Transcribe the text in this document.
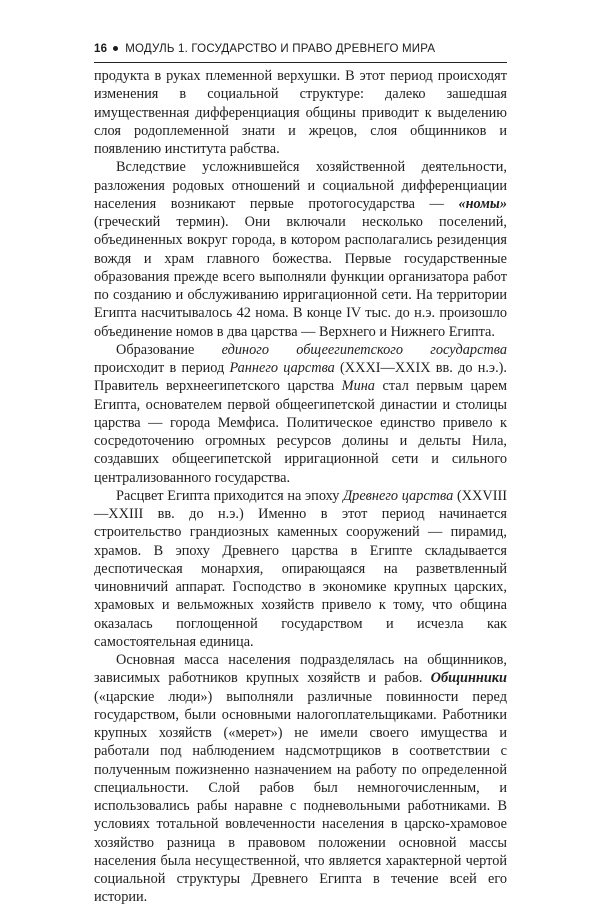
16 МОДУЛЬ 1. ГОСУДАРСТВО И ПРАВО ДРЕВНЕГО МИРА

продукта в руках племенной верхушки. В этот период происходят изменения в социальной структуре: далеко зашедшая имущественная дифференциация общины приводит к выделению слоя родоплеменной знати и жрецов, слоя общинников и появлению института рабства.

Вследствие усложнившейся хозяйственной деятельности, разложения родовых отношений и социальной дифференциации населения возникают первые протогосударства — «номы» (греческий термин). Они включали несколько поселений, объединенных вокруг города, в котором располагались резиденция вождя и храм главного божества. Первые государственные образования прежде всего выполняли функции организатора работ по созданию и обслуживанию ирригационной сети. На территории Египта насчитывалось 42 нома. В конце IV тыс. до н.э. произошло объединение номов в два царства — Верхнего и Нижнего Египта.

Образование единого общеегипетского государства происходит в период Раннего царства (XXXI—XXIX вв. до н.э.). Правитель верхнеегипетского царства Мина стал первым царем Египта, основателем первой общеегипетской династии и столицы царства — города Мемфиса. Политическое единство привело к сосредоточению огромных ресурсов долины и дельты Нила, создавших общеегипетской ирригационной сети и сильного централизованного государства.

Расцвет Египта приходится на эпоху Древнего царства (XXVIII—XXIII вв. до н.э.) Именно в этот период начинается строительство грандиозных каменных сооружений — пирамид, храмов. В эпоху Древнего царства в Египте складывается деспотическая монархия, опирающаяся на разветвленный чиновничий аппарат. Господство в экономике крупных царских, храмовых и вельможных хозяйств привело к тому, что община оказалась поглощенной государством и исчезла как самостоятельная единица.

Основная масса населения подразделялась на общинников, зависимых работников крупных хозяйств и рабов. Общинники («царские люди») выполняли различные повинности перед государством, были основными налогоплательщиками. Работники крупных хозяйств («мерет») не имели своего имущества и работали под наблюдением надсмотрщиков в соответствии с полученным пожизненно назначением на работу по определенной специальности. Слой рабов был немногочисленным, и использовались рабы наравне с подневольными работниками. В условиях тотальной вовлеченности населения в царско-храмовое хозяйство разница в правовом положении основной массы населения была несущественной, что является характерной чертой социальной структуры Древнего Египта в течение всей его истории.
